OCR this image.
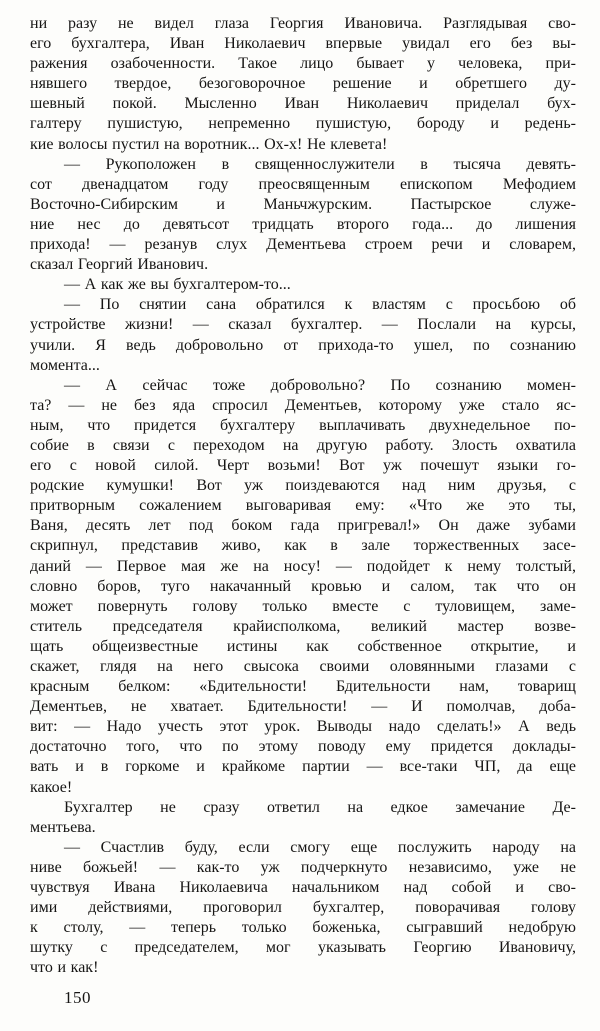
ни разу не видел глаза Георгия Ивановича. Разглядывая сво-
его бухгалтера, Иван Николаевич впервые увидал его без вы-
ражения озабоченности. Такое лицо бывает у человека, при-
нявшего твердое, безоговорочное решение и обретшего ду-
шевный покой. Мысленно Иван Николаевич приделал бух-
галтеру пушистую, непременно пушистую, бороду и редень-
кие волосы пустил на воротник... Ох-х! Не клевета!
— Рукоположен в священнослужители в тысяча девять-
сот двенадцатом году преосвященным епископом Мефодием
Восточно-Сибирским и Маньчжурским. Пастырское служе-
ние нес до девятьсот тридцать второго года... до лишения
прихода! — резанув слух Дементьева строем речи и словарем,
сказал Георгий Иванович.
— А как же вы бухгалтером-то...
— По снятии сана обратился к властям с просьбою об
устройстве жизни! — сказал бухгалтер. — Послали на курсы,
учили. Я ведь добровольно от прихода-то ушел, по сознанию
момента...
— А сейчас тоже добровольно? По сознанию момен-
та? — не без яда спросил Дементьев, которому уже стало яс-
ным, что придется бухгалтеру выплачивать двухнедельное по-
собие в связи с переходом на другую работу. Злость охватила
его с новой силой. Черт возьми! Вот уж почешут языки го-
родские кумушки! Вот уж поиздеваются над ним друзья, с
притворным сожалением выговаривая ему: «Что же это ты,
Ваня, десять лет под боком гада пригревал!» Он даже зубами
скрипнул, представив живо, как в зале торжественных засе-
даний — Первое мая же на носу! — подойдет к нему толстый,
словно боров, туго накачанный кровью и салом, так что он
может повернуть голову только вместе с туловищем, заме-
ститель председателя крайисполкома, великий мастер возве-
щать общеизвестные истины как собственное открытие, и
скажет, глядя на него свысока своими оловянными глазами с
красным белком: «Бдительности! Бдительности нам, товарищ
Дементьев, не хватает. Бдительности! — И помолчав, доба-
вит: — Надо учесть этот урок. Выводы надо сделать!» А ведь
достаточно того, что по этому поводу ему придется доклады-
вать и в горкоме и крайкоме партии — все-таки ЧП, да еще
какое!
Бухгалтер не сразу ответил на едкое замечание Де-
ментьева.
— Счастлив буду, если смогу еще послужить народу на
ниве божьей! — как-то уж подчеркнуто независимо, уже не
чувствуя Ивана Николаевича начальником над собой и сво-
ими действиями, проговорил бухгалтер, поворачивая голову
к столу, — теперь только боженька, сыгравший недобрую
шутку с председателем, мог указывать Георгию Ивановичу,
что и как!
150
